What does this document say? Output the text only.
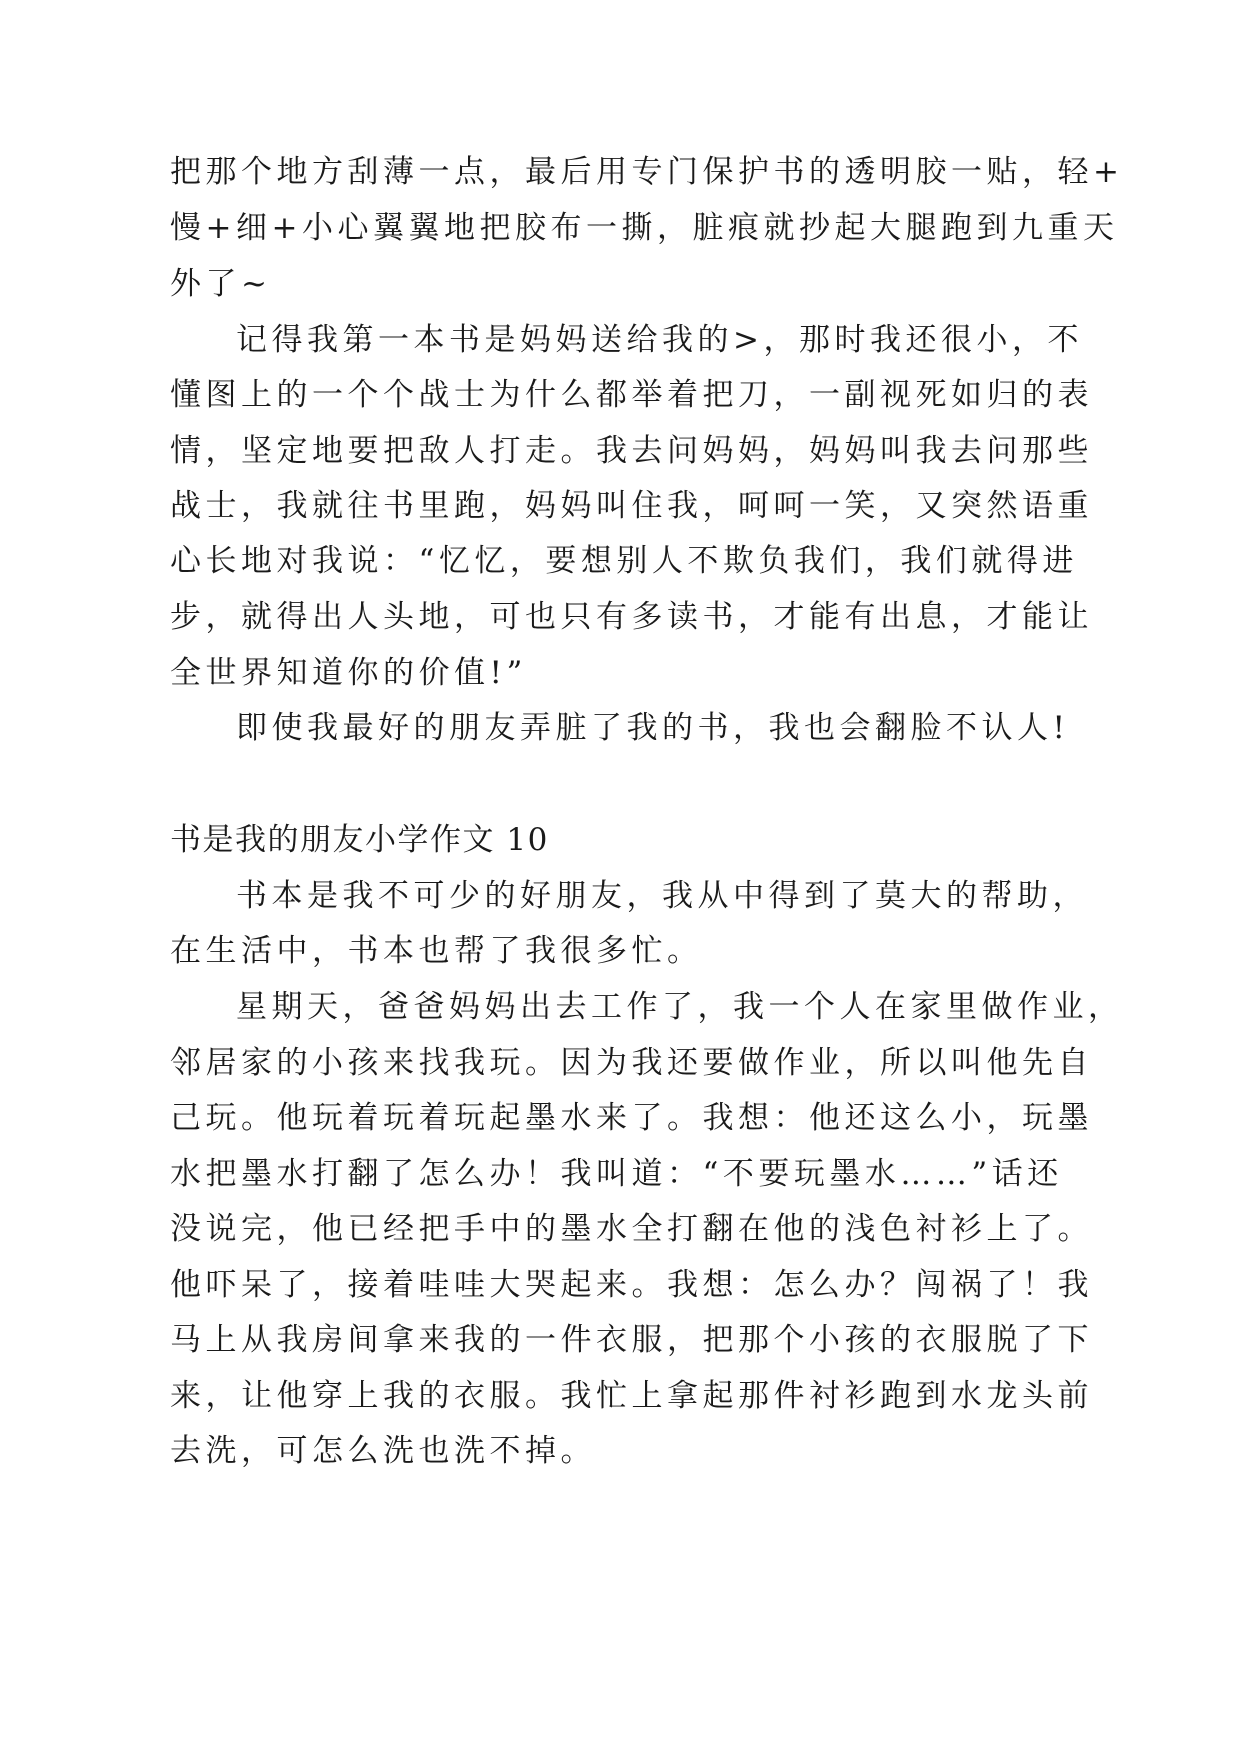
把那个地方刮薄一点，最后用专门保护书的透明胶一贴，轻+
慢+细+小心翼翼地把胶布一撕，脏痕就抄起大腿跑到九重天
外了~
记得我第一本书是妈妈送给我的>，那时我还很小，不
懂图上的一个个战士为什么都举着把刀，一副视死如归的表
情，坚定地要把敌人打走。我去问妈妈，妈妈叫我去问那些
战士，我就往书里跑，妈妈叫住我，呵呵一笑，又突然语重
心长地对我说：“忆忆，要想别人不欺负我们，我们就得进
步，就得出人头地，可也只有多读书，才能有出息，才能让
全世界知道你的价值!”
即使我最好的朋友弄脏了我的书，我也会翻脸不认人!
书是我的朋友小学作文 10
书本是我不可少的好朋友，我从中得到了莫大的帮助，
在生活中，书本也帮了我很多忙。
星期天，爸爸妈妈出去工作了，我一个人在家里做作业，
邻居家的小孩来找我玩。因为我还要做作业，所以叫他先自
己玩。他玩着玩着玩起墨水来了。我想：他还这么小，玩墨
水把墨水打翻了怎么办！我叫道：“不要玩墨水……”话还
没说完，他已经把手中的墨水全打翻在他的浅色衬衫上了。
他吓呆了，接着哇哇大哭起来。我想：怎么办？闯祸了！我
马上从我房间拿来我的一件衣服，把那个小孩的衣服脱了下
来，让他穿上我的衣服。我忙上拿起那件衬衫跑到水龙头前
去洗，可怎么洗也洗不掉。
